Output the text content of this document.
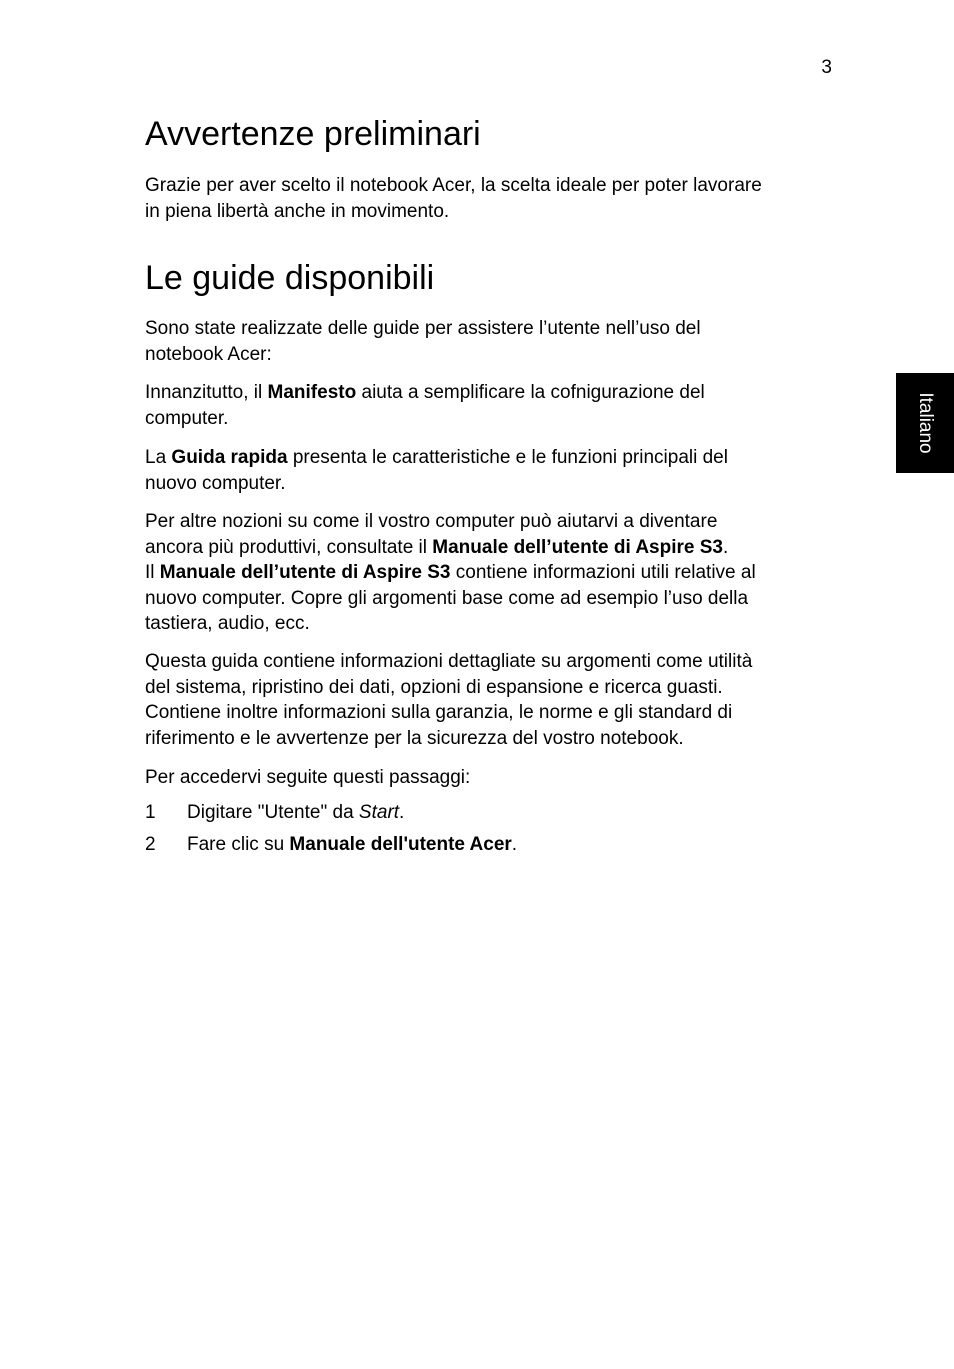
3
Avvertenze preliminari
Grazie per aver scelto il notebook Acer, la scelta ideale per poter lavorare
in piena libertà anche in movimento.
Le guide disponibili
Sono state realizzate delle guide per assistere l’utente nell’uso del
notebook Acer:
Innanzitutto, il Manifesto aiuta a semplificare la cofnigurazione del
computer.
La Guida rapida presenta le caratteristiche e le funzioni principali del
nuovo computer.
Per altre nozioni su come il vostro computer può aiutarvi a diventare
ancora più produttivi, consultate il Manuale dell’utente di Aspire S3.
Il Manuale dell’utente di Aspire S3 contiene informazioni utili relative al
nuovo computer. Copre gli argomenti base come ad esempio l’uso della
tastiera, audio, ecc.
Questa guida contiene informazioni dettagliate su argomenti come utilità
del sistema, ripristino dei dati, opzioni di espansione e ricerca guasti.
Contiene inoltre informazioni sulla garanzia, le norme e gli standard di
riferimento e le avvertenze per la sicurezza del vostro notebook.
Per accedervi seguite questi passaggi:
1 Digitare "Utente" da Start.
2 Fare clic su Manuale dell'utente Acer.
Italiano
